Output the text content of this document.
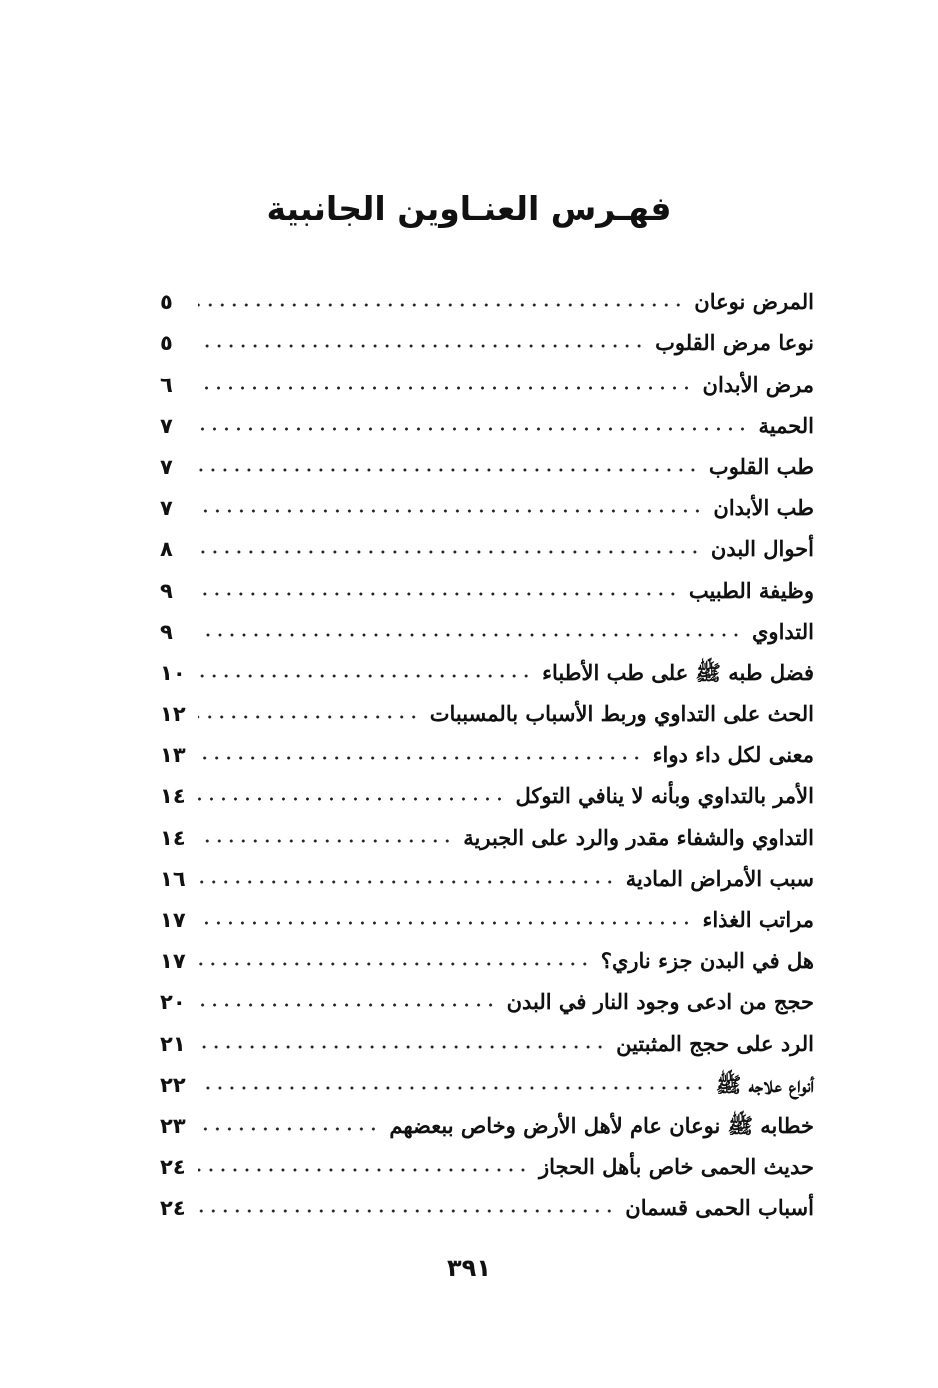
فهـرس العنـاوين الجانبية
المرض نوعان
٥
نوعا مرض القلوب
٥
مرض الأبدان
٦
الحمية
٧
طب القلوب
٧
طب الأبدان
٧
أحوال البدن
٨
وظيفة الطبيب
٩
التداوي
٩
فضل طبه ﷺ على طب الأطباء
١٠
الحث على التداوي وربط الأسباب بالمسببات
١٢
معنى لكل داء دواء
١٣
الأمر بالتداوي وبأنه لا ينافي التوكل
١٤
التداوي والشفاء مقدر والرد على الجبرية
١٤
سبب الأمراض المادية
١٦
مراتب الغذاء
١٧
هل في البدن جزء ناري؟
١٧
حجج من ادعى وجود النار في البدن
٢٠
الرد على حجج المثبتين
٢١
أنواع علاجه ﷺ
٢٢
خطابه ﷺ نوعان عام لأهل الأرض وخاص ببعضهم
٢٣
حديث الحمى خاص بأهل الحجاز
٢٤
أسباب الحمى قسمان
٢٤
٣٩١
